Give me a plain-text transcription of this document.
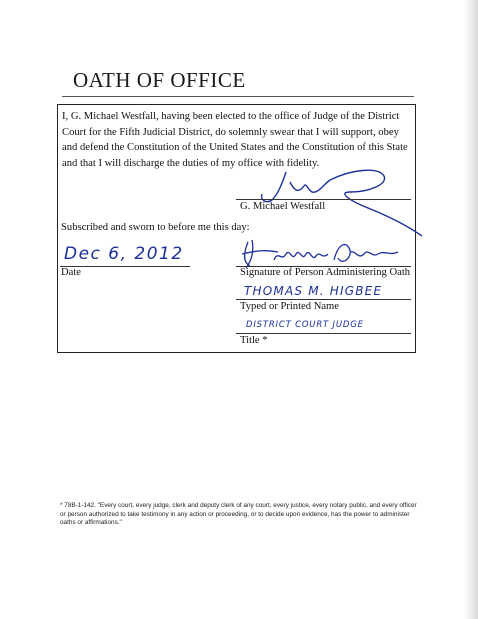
OATH OF OFFICE
I, G. Michael Westfall, having been elected to the office of Judge of the District Court for the Fifth Judicial District, do solemnly swear that I will support, obey and defend the Constitution of the United States and the Constitution of this State and that I will discharge the duties of my office with fidelity.
G. Michael Westfall
Subscribed and sworn to before me this day:
Dec 6, 2012
Date	Signature of Person Administering Oath
THOMAS M. HIGBEE
Typed or Printed Name
DISTRICT COURT JUDGE
Title *
* 78B-1-142. "Every court, every judge, clerk and deputy clerk of any court, every justice, every notary public, and every officer or person authorized to take testimony in any action or proceeding, or to decide upon evidence, has the power to administer oaths or affirmations."
